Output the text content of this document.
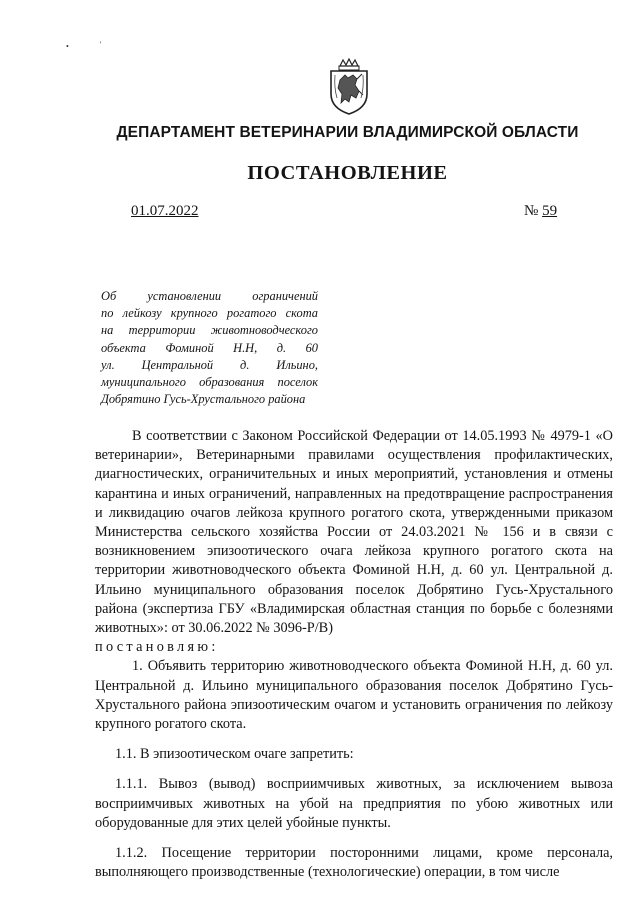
•	'
ДЕПАРТАМЕНТ ВЕТЕРИНАРИИ ВЛАДИМИРСКОЙ ОБЛАСТИ
ПОСТАНОВЛЕНИЕ
01.07.2022	№ 59
Об установлении ограничений
по лейкозу крупного рогатого скота
на территории животноводческого
объекта Фоминой Н.Н, д. 60
ул. Центральной д. Ильино,
муниципального образования поселок
Добрятино Гусь-Хрустального района

В соответствии с Законом Российской Федерации от 14.05.1993 № 4979-1 «О ветеринарии», Ветеринарными правилами осуществления профилактических, диагностических, ограничительных и иных мероприятий, установления и отмены карантина и иных ограничений, направленных на предотвращение распространения и ликвидацию очагов лейкоза крупного рогатого скота, утвержденными приказом Министерства сельского хозяйства России от 24.03.2021 № 156 и в связи с возникновением эпизоотического очага лейкоза крупного рогатого скота на территории животноводческого объекта Фоминой Н.Н, д. 60 ул. Центральной д. Ильино муниципального образования поселок Добрятино Гусь-Хрустального района (экспертиза ГБУ «Владимирская областная станция по борьбе с болезнями животных»: от 30.06.2022 № 3096-Р/В)
постановляю:

1. Объявить территорию животноводческого объекта Фоминой Н.Н, д. 60 ул. Центральной д. Ильино муниципального образования поселок Добрятино Гусь-Хрустального района эпизоотическим очагом и установить ограничения по лейкозу крупного рогатого скота.

1.1. В эпизоотическом очаге запретить:

1.1.1. Вывоз (вывод) восприимчивых животных, за исключением вывоза восприимчивых животных на убой на предприятия по убою животных или оборудованные для этих целей убойные пункты.

1.1.2. Посещение территории посторонними лицами, кроме персонала, выполняющего производственные (технологические) операции, в том числе
